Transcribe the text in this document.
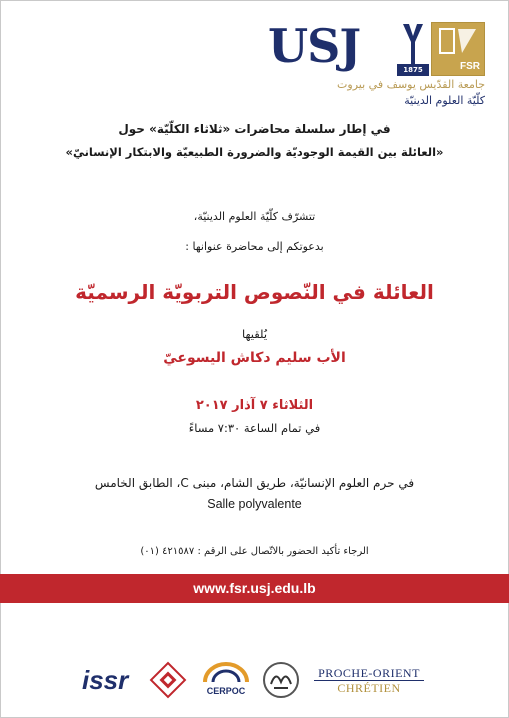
USJ	1875	FSR
جامعة القدّيس يوسف في بيروت
كلّيّة العلوم الدينيّة
في إطار سلسلة محاضرات «ثلاثاء الكلّيّة» حول
«العائلة بين القيمة الوجوديّة والضرورة الطبيعيّة والابتكار الإنسانيّ»
تتشرّف كلّيّة العلوم الدينيّة،
بدعوتكم إلى محاضرة عنوانها :
العائلة في النّصوص التربويّة الرسميّة
يُلقيها
الأب سليم دكاش اليسوعيّ
الثلاثاء ٧ آذار ٢٠١٧
في تمام الساعة ٧:٣٠ مساءً
في حرم العلوم الإنسانيّة، طريق الشام، مبنى C، الطابق الخامس
Salle polyvalente
الرجاء تأكيد الحضور بالاتّصال على الرقم : ٤٢١٥٨٧ (٠١)
www.fsr.usj.edu.lb
issr	CERPOC
PROCHE-ORIENT
CHRÉTIEN
